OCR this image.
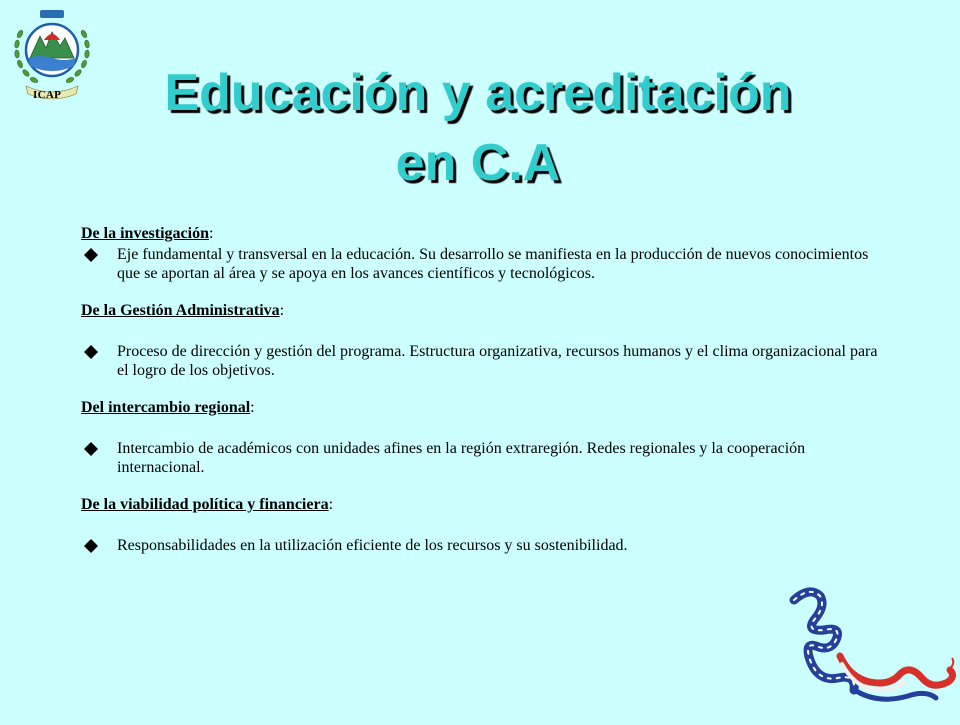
ICAP	Educación y acreditación
en C.A

De la investigación:

Eje fundamental y transversal en la educación. Su desarrollo se manifiesta en la producción de nuevos conocimientos que se aportan al área y se apoya en los avances científicos y tecnológicos.

De la Gestión Administrativa:

Proceso de dirección y gestión del programa. Estructura organizativa, recursos humanos y el clima organizacional para el logro de los objetivos.

Del intercambio regional:

Intercambio de académicos con unidades afines en la región extraregión. Redes regionales y la cooperación internacional.

De la viabilidad política y financiera:

Responsabilidades en la utilización eficiente de los recursos y su sostenibilidad.
